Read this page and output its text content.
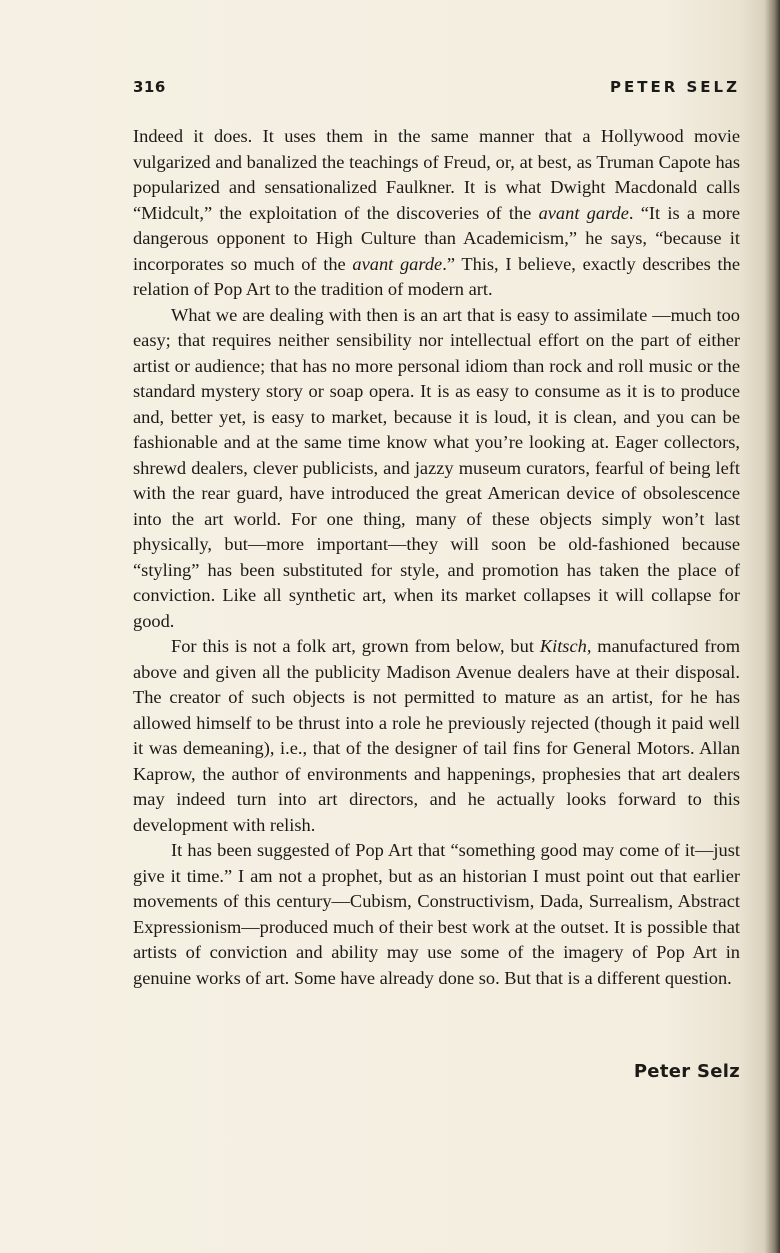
316	PETER SELZ

Indeed it does. It uses them in the same manner that a Hollywood movie vulgarized and banalized the teachings of Freud, or, at best, as Truman Capote has popularized and sensationalized Faulkner. It is what Dwight Macdonald calls “Midcult,” the exploitation of the discoveries of the avant garde. “It is a more dangerous opponent to High Culture than Academicism,” he says, “because it incorporates so much of the avant garde.” This, I believe, exactly describes the relation of Pop Art to the tradition of modern art.

What we are dealing with then is an art that is easy to assimilate —much too easy; that requires neither sensibility nor intellectual effort on the part of either artist or audience; that has no more personal idiom than rock and roll music or the standard mystery story or soap opera. It is as easy to consume as it is to produce and, better yet, is easy to market, because it is loud, it is clean, and you can be fashionable and at the same time know what you’re looking at. Eager collectors, shrewd dealers, clever publicists, and jazzy museum curators, fearful of being left with the rear guard, have introduced the great American device of obsolescence into the art world. For one thing, many of these objects simply won’t last physically, but—more important—they will soon be old-fashioned because “styling” has been substituted for style, and promotion has taken the place of conviction. Like all synthetic art, when its market collapses it will collapse for good.

For this is not a folk art, grown from below, but Kitsch, manufactured from above and given all the publicity Madison Avenue dealers have at their disposal. The creator of such objects is not permitted to mature as an artist, for he has allowed himself to be thrust into a role he previously rejected (though it paid well it was demeaning), i.e., that of the designer of tail fins for General Motors. Allan Kaprow, the author of environments and happenings, prophesies that art dealers may indeed turn into art directors, and he actually looks forward to this development with relish.

It has been suggested of Pop Art that “something good may come of it—just give it time.” I am not a prophet, but as an historian I must point out that earlier movements of this century—Cubism, Constructivism, Dada, Surrealism, Abstract Expressionism—produced much of their best work at the outset. It is possible that artists of conviction and ability may use some of the imagery of Pop Art in genuine works of art. Some have already done so. But that is a different question.

Peter Selz
